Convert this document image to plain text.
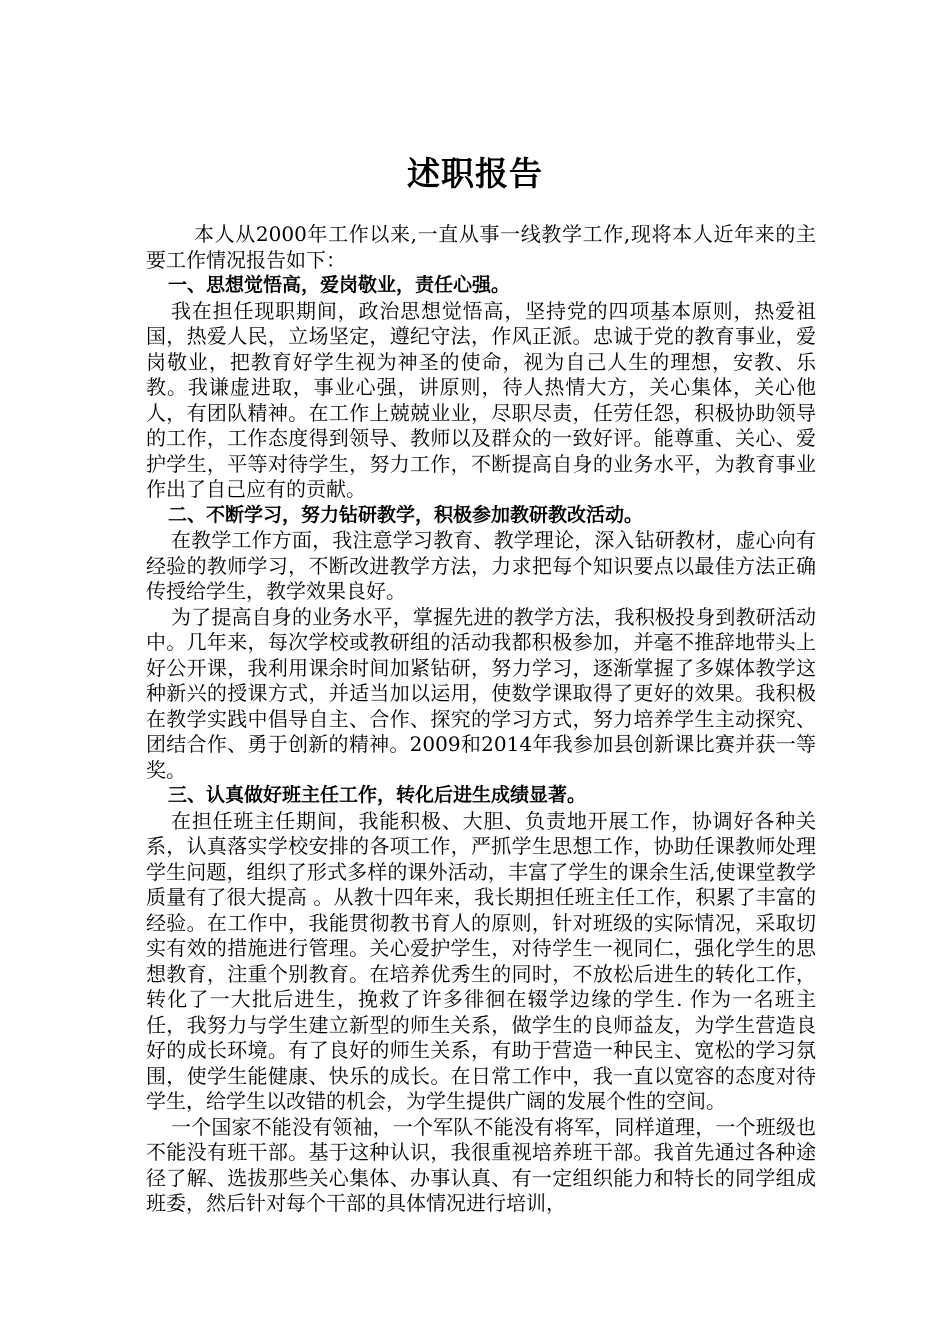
述职报告

本人从2000年工作以来,一直从事一线教学工作,现将本人近年来的主要工作情况报告如下：

一、思想觉悟高，爱岗敬业，责任心强。

我在担任现职期间，政治思想觉悟高，坚持党的四项基本原则，热爱祖国，热爱人民，立场坚定，遵纪守法，作风正派。忠诚于党的教育事业，爱岗敬业，把教育好学生视为神圣的使命，视为自己人生的理想，安教、乐教。我谦虚进取，事业心强，讲原则，待人热情大方，关心集体，关心他人，有团队精神。在工作上兢兢业业，尽职尽责，任劳任怨，积极协助领导的工作，工作态度得到领导、教师以及群众的一致好评。能尊重、关心、爱护学生，平等对待学生，努力工作，不断提高自身的业务水平，为教育事业作出了自己应有的贡献。

二、不断学习，努力钻研教学，积极参加教研教改活动。

在教学工作方面，我注意学习教育、教学理论，深入钻研教材，虚心向有经验的教师学习，不断改进教学方法，力求把每个知识要点以最佳方法正确传授给学生，教学效果良好。

为了提高自身的业务水平，掌握先进的教学方法，我积极投身到教研活动中。几年来，每次学校或教研组的活动我都积极参加，并毫不推辞地带头上好公开课，我利用课余时间加紧钻研，努力学习，逐渐掌握了多媒体教学这种新兴的授课方式，并适当加以运用，使数学课取得了更好的效果。我积极在教学实践中倡导自主、合作、探究的学习方式，努力培养学生主动探究、团结合作、勇于创新的精神。2009和2014年我参加县创新课比赛并获一等奖。

三、认真做好班主任工作，转化后进生成绩显著。

在担任班主任期间，我能积极、大胆、负责地开展工作，协调好各种关系，认真落实学校安排的各项工作，严抓学生思想工作，协助任课教师处理学生问题，组织了形式多样的课外活动，丰富了学生的课余生活,使课堂教学质量有了很大提高 。从教十四年来，我长期担任班主任工作，积累了丰富的经验。在工作中，我能贯彻教书育人的原则，针对班级的实际情况，采取切实有效的措施进行管理。关心爱护学生，对待学生一视同仁，强化学生的思想教育，注重个别教育。在培养优秀生的同时，不放松后进生的转化工作，转化了一大批后进生，挽救了许多徘徊在辍学边缘的学生. 作为一名班主任，我努力与学生建立新型的师生关系，做学生的良师益友，为学生营造良好的成长环境。有了良好的师生关系，有助于营造一种民主、宽松的学习氛围，使学生能健康、快乐的成长。在日常工作中，我一直以宽容的态度对待学生，给学生以改错的机会，为学生提供广阔的发展个性的空间。

一个国家不能没有领袖，一个军队不能没有将军，同样道理，一个班级也不能没有班干部。基于这种认识，我很重视培养班干部。我首先通过各种途径了解、选拔那些关心集体、办事认真、有一定组织能力和特长的同学组成班委，然后针对每个干部的具体情况进行培训，
